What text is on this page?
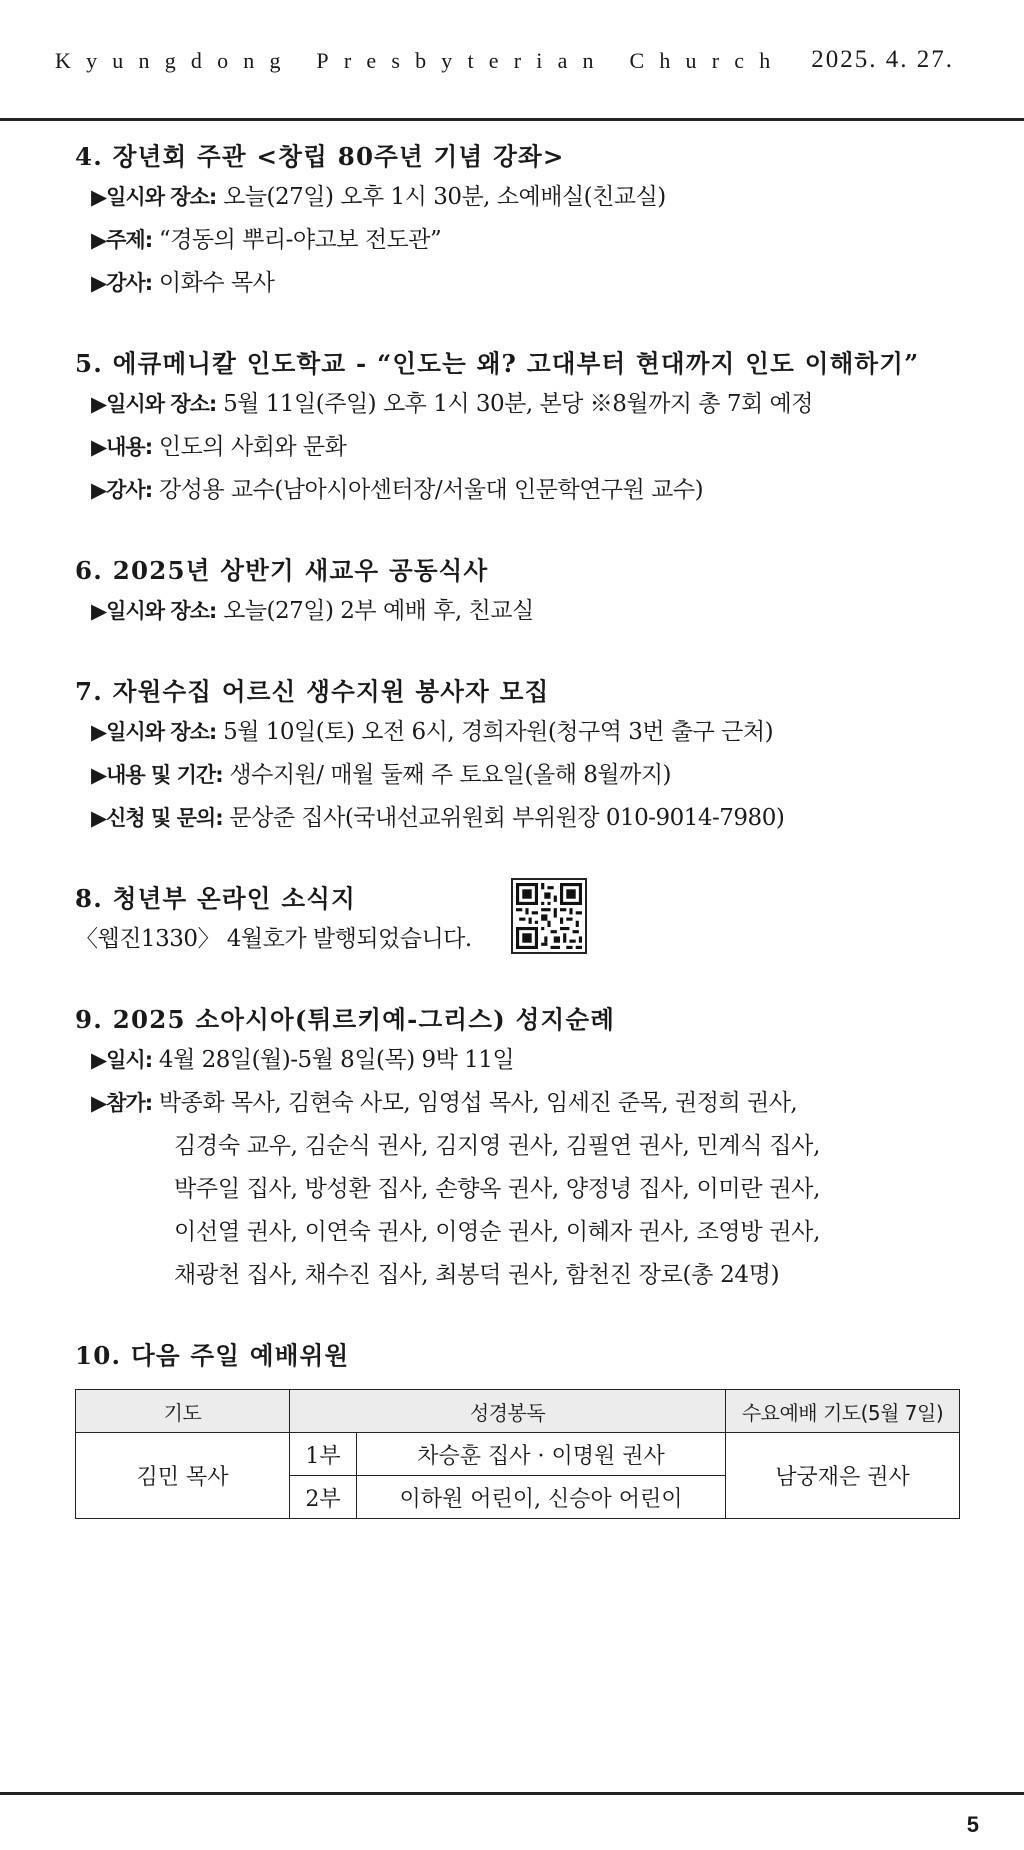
Kyungdong Presbyterian Church 2025. 4. 27.
4. 장년회 주관 <창립 80주년 기념 강좌>
▶일시와 장소: 오늘(27일) 오후 1시 30분, 소예배실(친교실)
▶주제: “경동의 뿌리-야고보 전도관”
▶강사: 이화수 목사
5. 에큐메니칼 인도학교 - “인도는 왜? 고대부터 현대까지 인도 이해하기”
▶일시와 장소: 5월 11일(주일) 오후 1시 30분, 본당 ※8월까지 총 7회 예정
▶내용: 인도의 사회와 문화
▶강사: 강성용 교수(남아시아센터장/서울대 인문학연구원 교수)
6. 2025년 상반기 새교우 공동식사
▶일시와 장소: 오늘(27일) 2부 예배 후, 친교실
7. 자원수집 어르신 생수지원 봉사자 모집
▶일시와 장소: 5월 10일(토) 오전 6시, 경희자원(청구역 3번 출구 근처)
▶내용 및 기간: 생수지원/ 매월 둘째 주 토요일(올해 8월까지)
▶신청 및 문의: 문상준 집사(국내선교위원회 부위원장 010-9014-7980)
8. 청년부 온라인 소식지
〈웹진1330〉 4월호가 발행되었습니다.
9. 2025 소아시아(튀르키예-그리스) 성지순례
▶일시: 4월 28일(월)-5월 8일(목) 9박 11일
▶참가: 박종화 목사, 김현숙 사모, 임영섭 목사, 임세진 준목, 권정희 권사,
김경숙 교우, 김순식 권사, 김지영 권사, 김필연 권사, 민계식 집사,
박주일 집사, 방성환 집사, 손향옥 권사, 양정녕 집사, 이미란 권사,
이선열 권사, 이연숙 권사, 이영순 권사, 이혜자 권사, 조영방 권사,
채광천 집사, 채수진 집사, 최봉덕 권사, 함천진 장로(총 24명)
10. 다음 주일 예배위원
기도	성경봉독		수요예배 기도(5월 7일)
김민 목사	1부	차승훈 집사 · 이명원 권사	남궁재은 권사
	2부	이하원 어린이, 신승아 어린이	
5
